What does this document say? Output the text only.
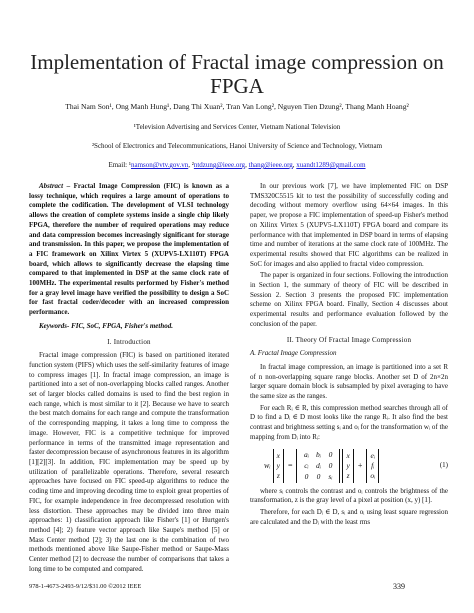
Implementation of Fractal image compression on
FPGA
Thai Nam Son¹, Ong Manh Hung¹, Dang Thi Xuan², Tran Van Long², Nguyen Tien Dzung², Thang Manh Hoang²
¹Television Advertising and Services Center, Vietnam National Television
²School of Electronics and Telecommunications, Hanoi University of Science and Technology, Vietnam
Email: ¹namson@vtv.gov.vn, ²ntdzung@ieee.org, thang@ieee.org, xuandt1289@gmail.com

Abstract – Fractal Image Compression (FIC) is known as a lossy technique, which requires a large amount of operations to complete the codification. The development of VLSI technology allows the creation of complete systems inside a single chip likely FPGA, therefore the number of required operations may reduce and data compression becomes increasingly significant for storage and transmission. In this paper, we propose the implementation of a FIC framework on Xilinx Virtex 5 (XUPV5-LX110T) FPGA board, which allows to significantly decrease the elapsing time compared to that implemented in DSP at the same clock rate of 100MHz. The experimental results performed by Fisher's method for a gray level image have verified the possibility to design a SoC for fast fractal coder/decoder with an increased compression performance.

Keywords- FIC, SoC, FPGA, Fisher's method.

I. Introduction

Fractal image compression (FIC) is based on partitioned iterated function system (PIFS) which uses the self-similarity features of image to compress images [1]. In fractal image compression, an image is partitioned into a set of non-overlapping blocks called ranges. Another set of larger blocks called domains is used to find the best region in each range, which is most similar to it [2]. Because we have to search the best match domains for each range and compute the transformation of the corresponding mapping, it takes a long time to compress the image. However, FIC is a competitive technique for improved performance in terms of the transmitted image representation and faster decompression because of asynchronous features in its algorithm [1][2][3]. In addition, FIC implementation may be speed up by utilization of parallelizable operations. Therefore, several research approaches have focused on FIC speed-up algorithms to reduce the coding time and improving decoding time to exploit great properties of FIC, for example independence in free decompressed resolution with less distortion. These approaches may be divided into three main approaches: 1) classification approach like Fisher's [1] or Hurtgen's method [4]; 2) feature vector approach like Saupe's method [5] or Mass Center method [2]; 3) the last one is the combination of two methods mentioned above like Saupe-Fisher method or Saupe-Mass Center method [2] to decrease the number of comparisons that takes a long time to be computed and compared.

In our previous work [7], we have implemented FIC on DSP TMS320C5515 kit to test the possibility of successfully coding and decoding without memory overflow using 64×64 images. In this paper, we propose a FIC implementation of speed-up Fisher's method on Xilinx Virtex 5 (XUPV5-LX110T) FPGA board and compare its performance with that implemented in DSP board in terms of elapsing time and number of iterations at the same clock rate of 100MHz. The experimental results showed that FIC algorithms can be realized in SoC for images and also applied to fractal video compression.

The paper is organized in four sections. Following the introduction in Section 1, the summary of theory of FIC will be described in Session 2. Section 3 presents the proposed FIC implementation scheme on Xilinx FPGA board. Finally, Section 4 discusses about experimental results and performance evaluation followed by the conclusion of the paper.

II. Theory Of Fractal Image Compression
A. Fractal Image Compression

In fractal image compression, an image is partitioned into a set R of n non-overlapping square range blocks. Another set D of 2n×2n larger square domain block is subsampled by pixel averaging to have the same size as the ranges.

For each Rᵢ ∈ R, this compression method searches through all of D to find a Dᵢ ∈ D most looks like the range Rᵢ. It also find the best contrast and brightness setting sᵢ and oᵢ for the transformation wᵢ of the mapping from Dᵢ into Rᵢ:

wᵢ
x
y
z
=
aᵢ bᵢ	0
cᵢ dᵢ	0
0	0	sᵢ
x
y
z
+
eᵢ
fᵢ
oᵢ
(1)

where sᵢ controls the contrast and oᵢ controls the brightness of the transformation, z is the gray level of a pixel at position (x, y) [1].

Therefore, for each Dᵢ ∈ D, sᵢ and oᵢ using least square regression are calculated and the Dᵢ with the least rms

978-1-4673-2493-9/12/$31.00 ©2012 IEEE	339
